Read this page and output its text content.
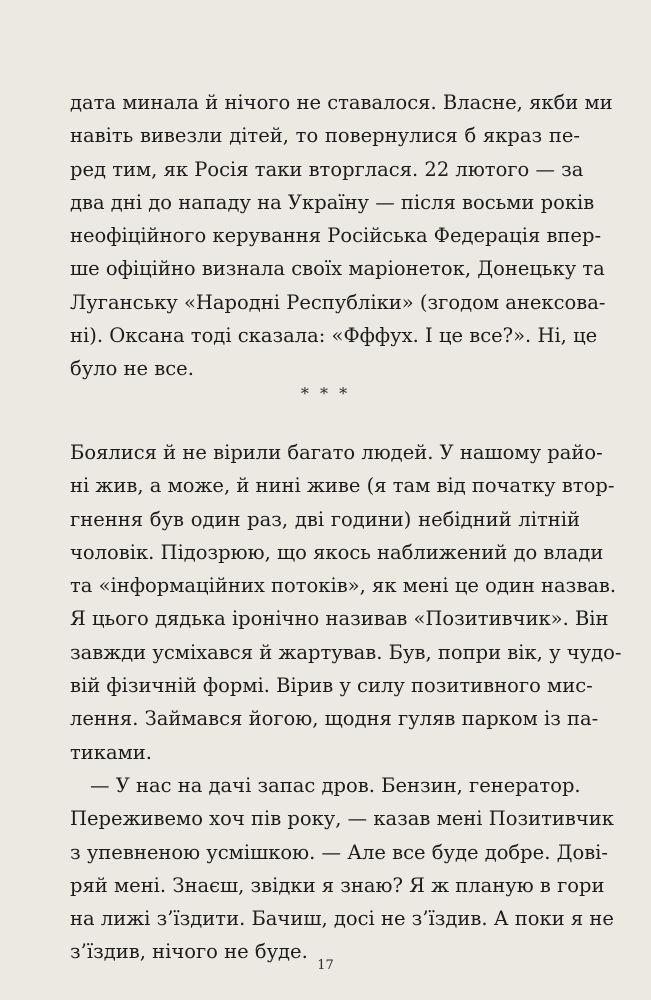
дата минала й нічого не ставалося. Власне, якби ми
навіть вивезли дітей, то повернулися б якраз пе-
ред тим, як Росія таки вторглася. 22 лютого — за
два дні до нападу на Україну — після восьми років
неофіційного керування Російська Федерація впер-
ше офіційно визнала своїх маріонеток, Донецьку та
Луганську «Народні Республіки» (згодом анексова-
ні). Оксана тоді сказала: «Фффух. І це все?». Ні, це
було не все.
* * *
Боялися й не вірили багато людей. У нашому райо-
ні жив, а може, й нині живе (я там від початку втор-
гнення був один раз, дві години) небідний літній
чоловік. Підозрюю, що якось наближений до влади
та «інформаційних потоків», як мені це один назвав.
Я цього дядька іронічно називав «Позитивчик». Він
завжди усміхався й жартував. Був, попри вік, у чудо-
вій фізичній формі. Вірив у силу позитивного мис-
лення. Займався йогою, щодня гуляв парком із па-
тиками.
— У нас на дачі запас дров. Бензин, генератор.
Переживемо хоч пів року, — казав мені Позитивчик
з упевненою усмішкою. — Але все буде добре. Дові-
ряй мені. Знаєш, звідки я знаю? Я ж планую в гори
на лижі з’їздити. Бачиш, досі не з’їздив. А поки я не
з’їздив, нічого не буде.
17
